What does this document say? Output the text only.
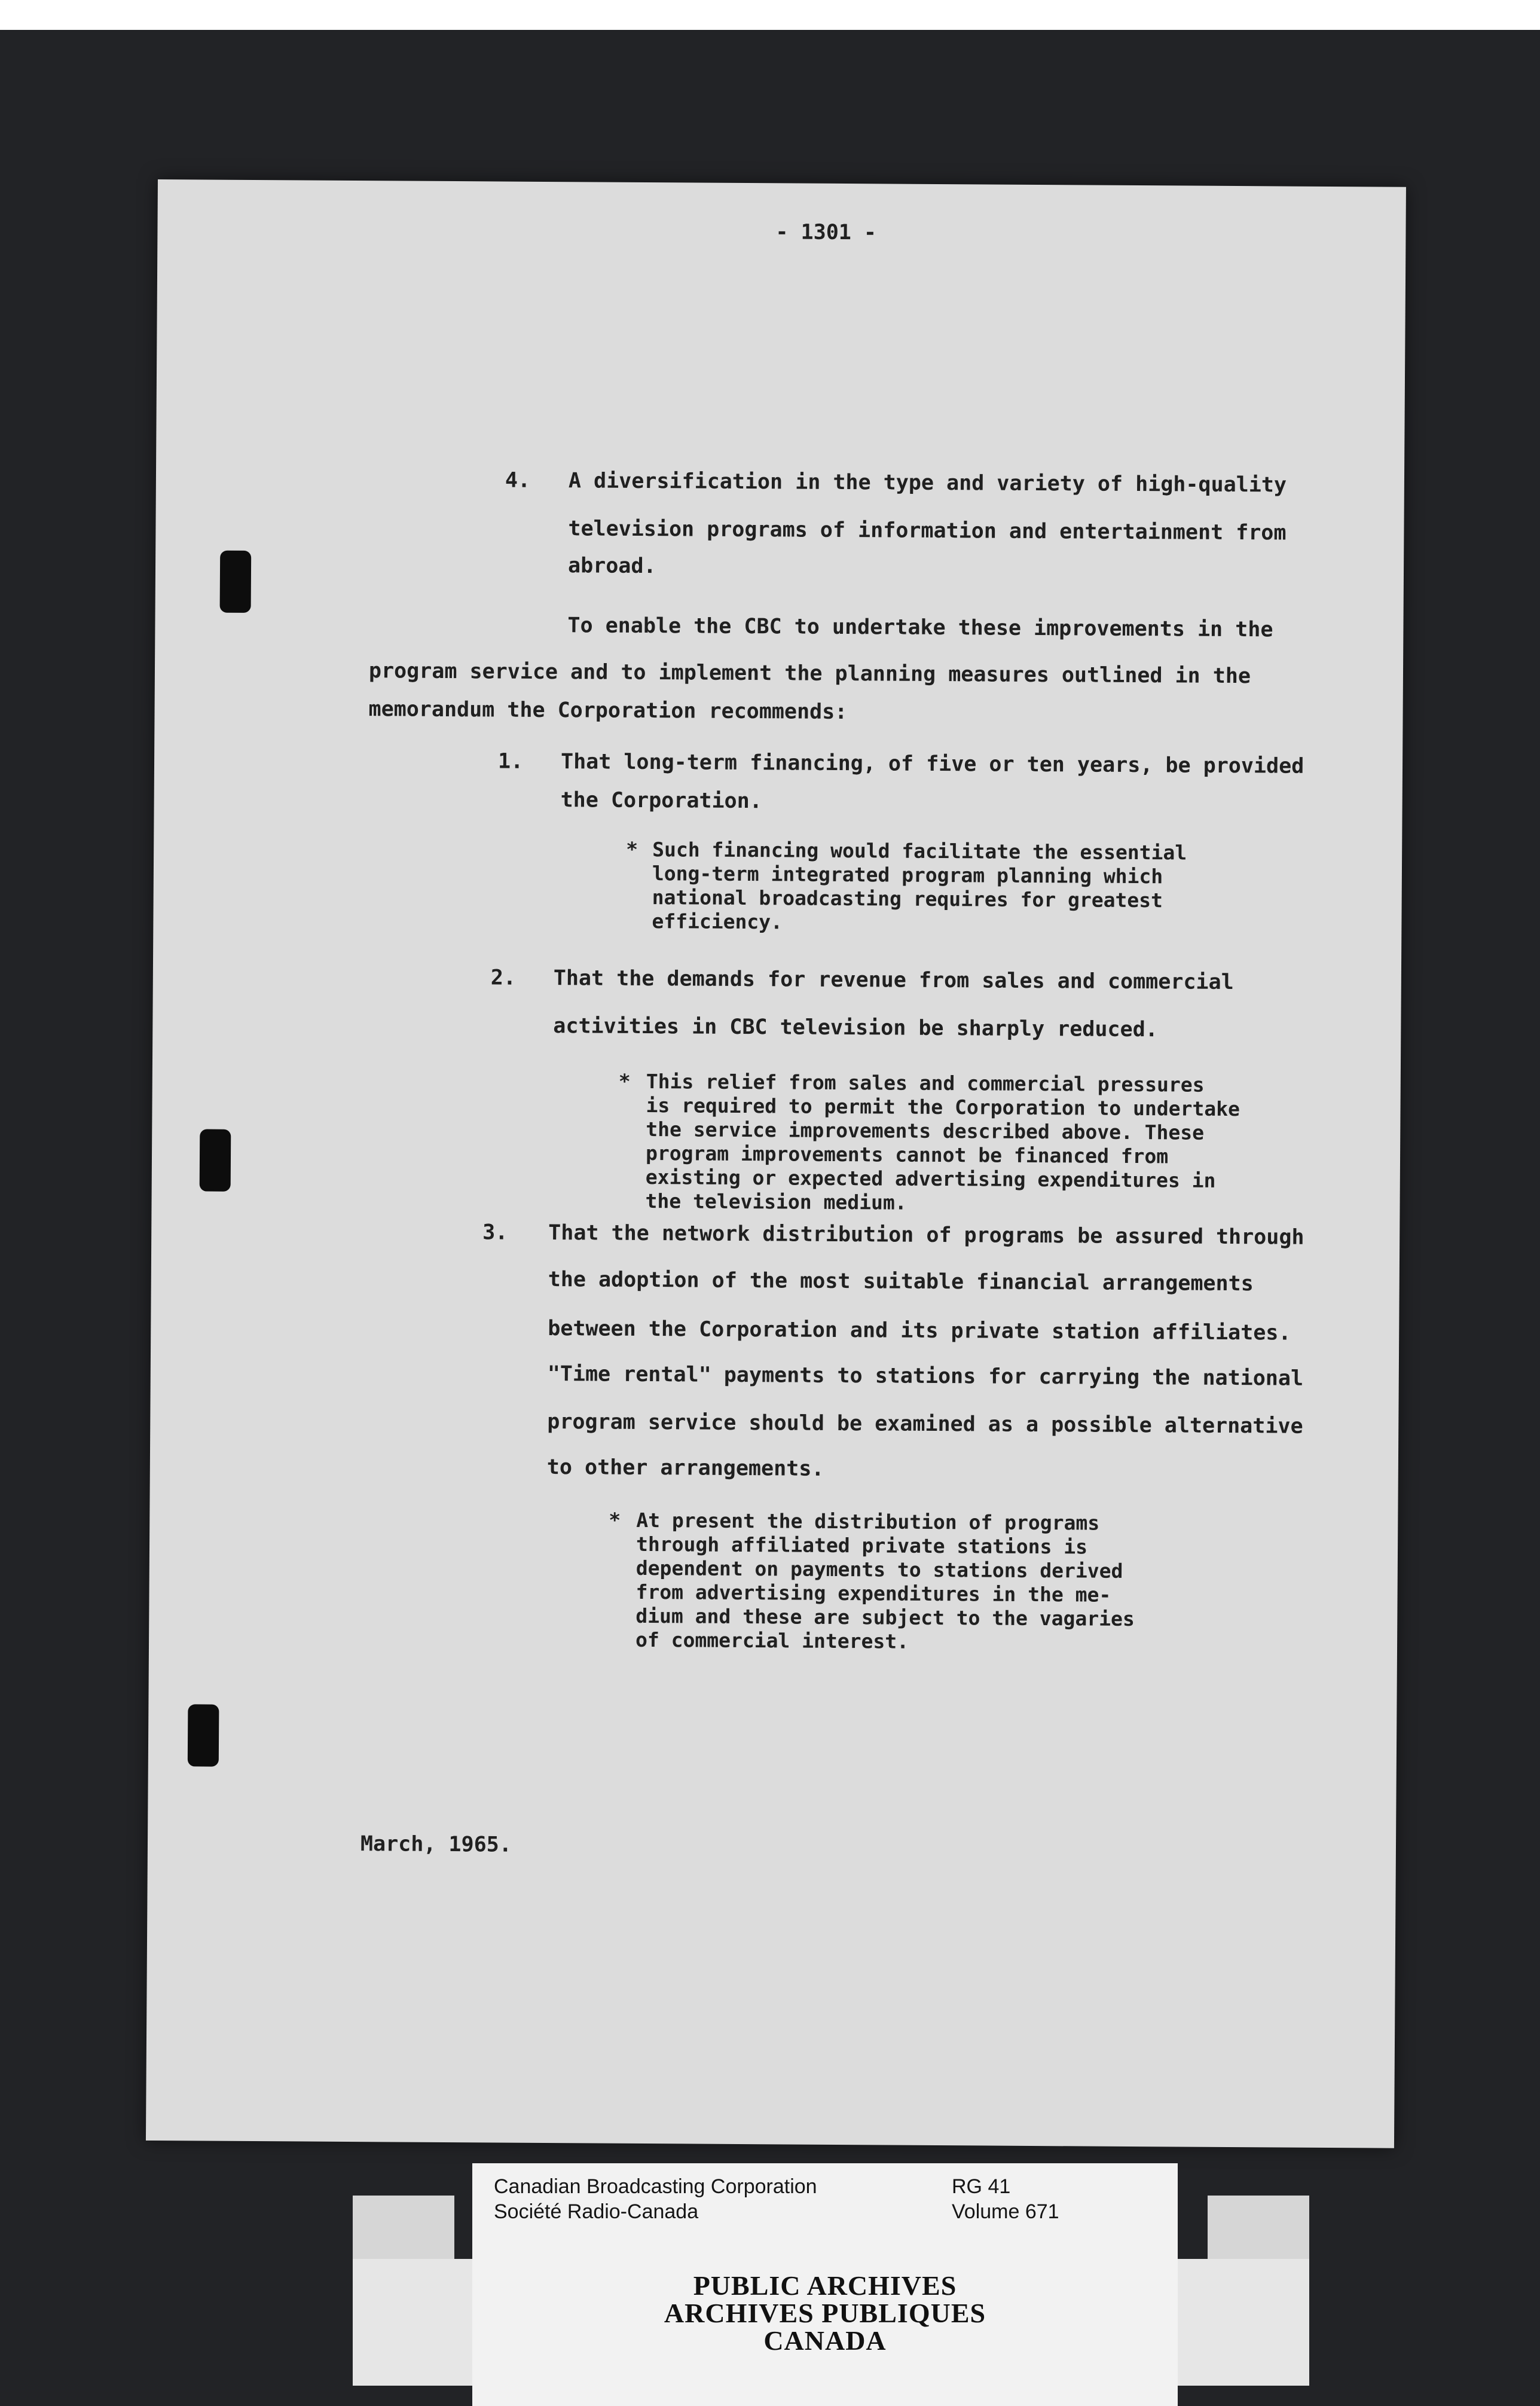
- 1301 -
4. A diversification in the type and variety of high-quality
television programs of information and entertainment from
abroad.
To enable the CBC to undertake these improvements in the
program service and to implement the planning measures outlined in the
memorandum the Corporation recommends:
1. That long-term financing, of five or ten years, be provided
the Corporation.
* Such financing would facilitate the essential
long-term integrated program planning which
national broadcasting requires for greatest
efficiency.
2. That the demands for revenue from sales and commercial
activities in CBC television be sharply reduced.
* This relief from sales and commercial pressures
is required to permit the Corporation to undertake
the service improvements described above. These
program improvements cannot be financed from
existing or expected advertising expenditures in
the television medium.
3. That the network distribution of programs be assured through
the adoption of the most suitable financial arrangements
between the Corporation and its private station affiliates.
"Time rental" payments to stations for carrying the national
program service should be examined as a possible alternative
to other arrangements.
* At present the distribution of programs
through affiliated private stations is
dependent on payments to stations derived
from advertising expenditures in the me-
dium and these are subject to the vagaries
of commercial interest.
March, 1965.
Canadian Broadcasting Corporation
Société Radio-Canada
RG 41
Volume 671
PUBLIC ARCHIVES
ARCHIVES PUBLIQUES
CANADA
